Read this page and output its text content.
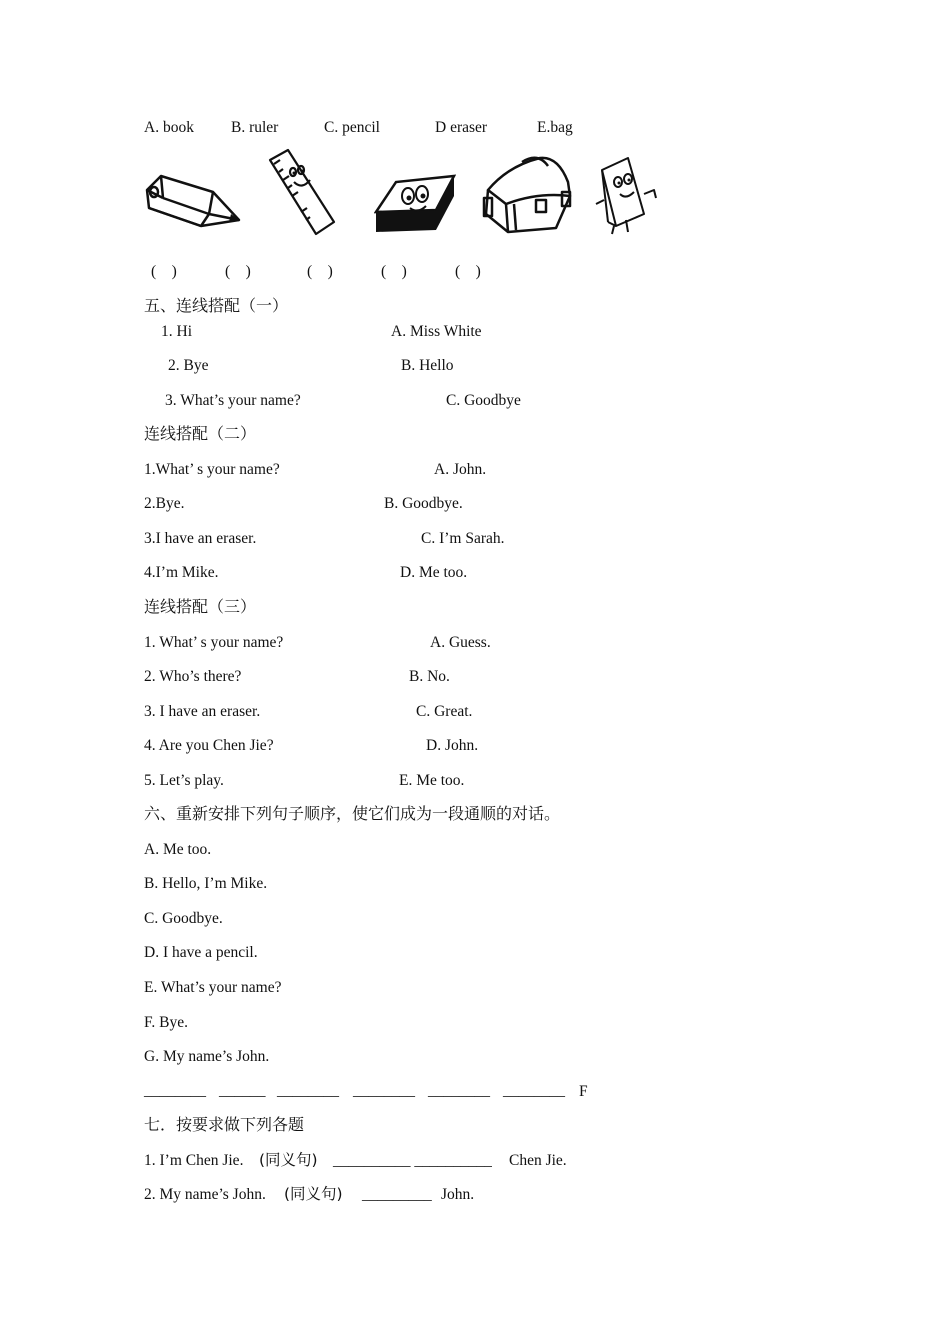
A. book B. ruler	C. pencil	D eraser	E.bag
(    )	(    )	(    )	(    )	(    )
五、连线搭配（一）
1. Hi	A. Miss White
2. Bye	B. Hello
3. What’s your name?	C. Goodbye
连线搭配（二）
1.What’ s your name?	A. John.
2.Bye.	B. Goodbye.
3.I have an eraser.	C. I’m Sarah.
4.I’m Mike.	D. Me too.
连线搭配（三）
1. What’ s your name?	A. Guess.
2. Who’s there?	B. No.
3. I have an eraser.	C. Great.
4. Are you Chen Jie?	D. John.
5. Let’s play.	E. Me too.
六、重新安排下列句子顺序，使它们成为一段通顺的对话。
A. Me too.
B. Hello, I’m Mike.
C. Goodbye.
D. I have a pencil.
E. What’s your name?
F. Bye.
G. My name’s John.
________ ______ ________ ________ ________ ________ F
七．按要求做下列各题
1. I’m Chen Jie. (同义句) __________ __________ Chen Jie.
2. My name’s John. (同义句) _________ John.
